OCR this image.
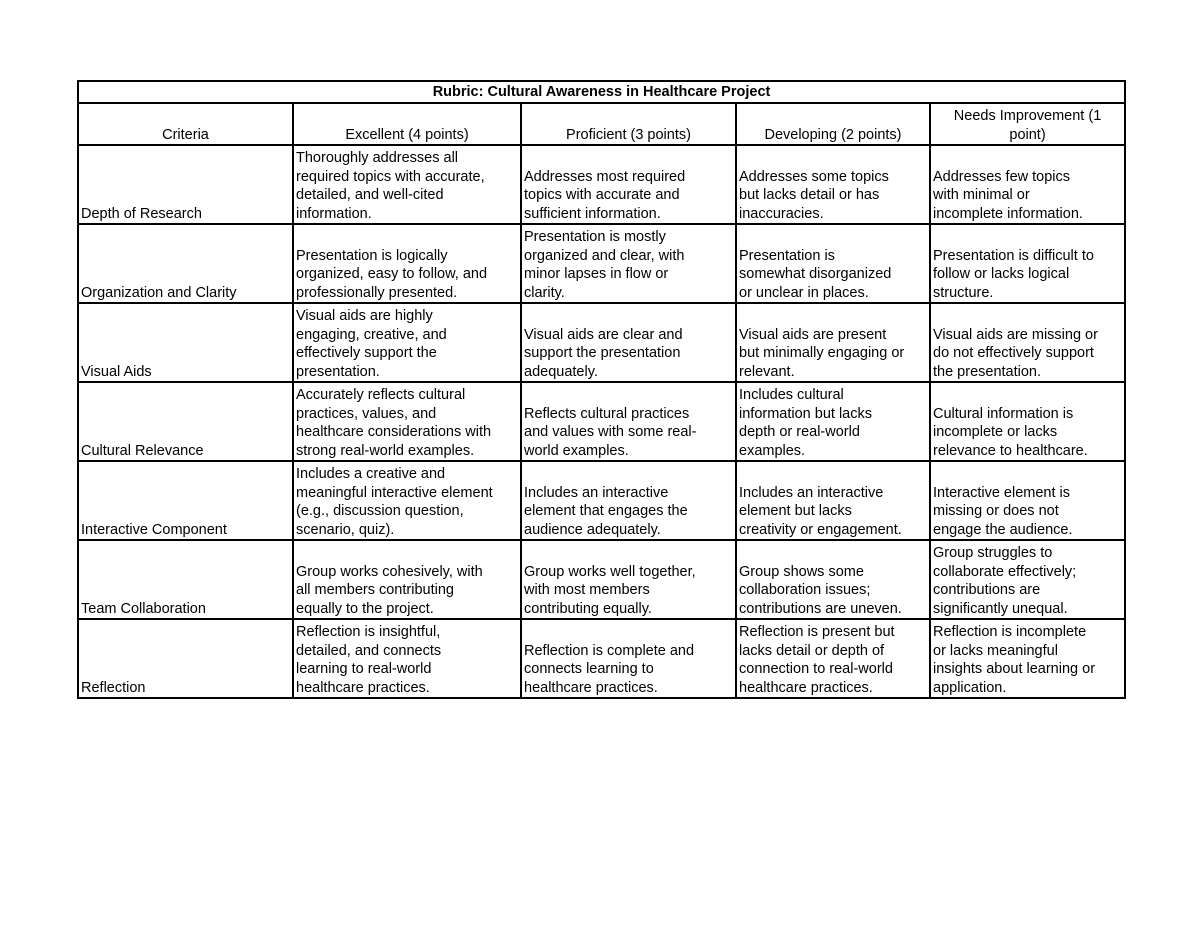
Rubric: Cultural Awareness in Healthcare Project				

Criteria	Excellent (4 points)	Proficient (3 points)	Developing (2 points)	Needs Improvement (1
point)

Depth of Research	Thoroughly addresses all
required topics with accurate,
detailed, and well-cited
information.	Addresses most required
topics with accurate and
sufficient information.	Addresses some topics
but lacks detail or has
inaccuracies.	Addresses few topics
with minimal or
incomplete information.

Organization and Clarity	Presentation is logically
organized, easy to follow, and
professionally presented.	Presentation is mostly
organized and clear, with
minor lapses in flow or
clarity.	Presentation is
somewhat disorganized
or unclear in places.	Presentation is difficult to
follow or lacks logical
structure.

Visual Aids	Visual aids are highly
engaging, creative, and
effectively support the
presentation.	Visual aids are clear and
support the presentation
adequately.	Visual aids are present
but minimally engaging or
relevant.	Visual aids are missing or
do not effectively support
the presentation.

Cultural Relevance	Accurately reflects cultural
practices, values, and
healthcare considerations with
strong real-world examples.	Reflects cultural practices
and values with some real-
world examples.	Includes cultural
information but lacks
depth or real-world
examples.	Cultural information is
incomplete or lacks
relevance to healthcare.

Interactive Component	Includes a creative and
meaningful interactive element
(e.g., discussion question,
scenario, quiz).	Includes an interactive
element that engages the
audience adequately.	Includes an interactive
element but lacks
creativity or engagement.	Interactive element is
missing or does not
engage the audience.

Team Collaboration	Group works cohesively, with
all members contributing
equally to the project.	Group works well together,
with most members
contributing equally.	Group shows some
collaboration issues;
contributions are uneven.	Group struggles to
collaborate effectively;
contributions are
significantly unequal.

Reflection	Reflection is insightful,
detailed, and connects
learning to real-world
healthcare practices.	Reflection is complete and
connects learning to
healthcare practices.	Reflection is present but
lacks detail or depth of
connection to real-world
healthcare practices.	Reflection is incomplete
or lacks meaningful
insights about learning or
application.
